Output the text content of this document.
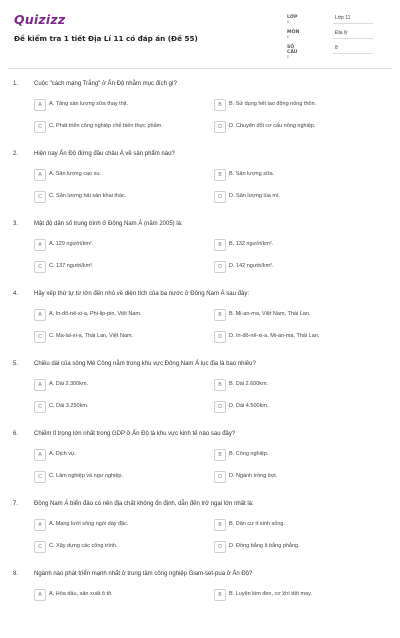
Quizizz
Đề kiểm tra 1 tiết Địa Lí 11 có đáp án (Đề 55)
LỚP :
Lớp 11
MÔN :
Địa lý
SỐ CÂU :
8
1.	Cuộc "cách mạng Trắng" ở Ấn Độ nhằm mục đích gì?
A	A. Tăng sản lượng sữa thay thịt.	B	B. Sử dụng hết lao động nông thôn.
C	C. Phát triển công nghiệp chế biến thực phẩm.	D	D. Chuyển đổi cơ cấu nông nghiệp.
2.	Hiện nay Ấn Độ đứng đầu châu Á về sản phẩm nào?
A	A. Sản lượng cao su.	B	B. Sản lượng sữa.
C	C. Sản lượng hải sản khai thác.	D	D. Sản lượng lúa mì.
3.	Mật độ dân số trung bình ở Đông Nam Á (năm 2005) là:
A	A. 129 người/km².	B	B. 132 người/km².
C	C. 137 người/km².	D	D. 142 người/km².
4.	Hãy xếp thứ tự từ lớn đến nhỏ về diện tích của ba nước ở Đông Nam Á sau đây:
A	A. In-đô-nê-xi-a, Phi-lip-pin, Việt Nam.	B	B. Mi-an-ma, Việt Nam, Thái Lan.
C	C. Ma-lai-xi-a, Thái Lan, Việt Nam.	D	D. In-đô-nê-xi-a, Mi-an-ma, Thái Lan.
5.	Chiều dài của sông Mê Công nằm trong khu vực Đông Nam Á lục địa là bao nhiêu?
A	A. Dài 2.300km.	B	B. Dài 2.600km.
C	C. Dài 3.250km.	D	D. Dài 4.500km.
6.	Chiếm tỉ trọng lớn nhất trong GDP ở Ấn Độ là khu vực kinh tế nào sau đây?
A	A. Dịch vụ.	B	B. Công nghiệp.
C	C. Lâm nghiệp và ngư nghiệp.	D	D. Ngành trồng trọt.
7.	Đồng Nam Á biển đảo có nền địa chất không ổn định, dẫn đến trở ngại lớn nhất là:
A	A. Mạng lưới sông ngòi dày đặc.	B	B. Dân cư ít sinh sống.
C	C. Xây dựng các công trình.	D	D. Đồng bằng ít bằng phẳng.
8.	Ngành nào phát triển mạnh nhất ở trung tâm công nghiệp Giam-set-pua ở Ấn Độ?
A	A. Hóa dầu, sản xuất ô tô.	B	B. Luyện kim đen, cơ khí dệt may.
